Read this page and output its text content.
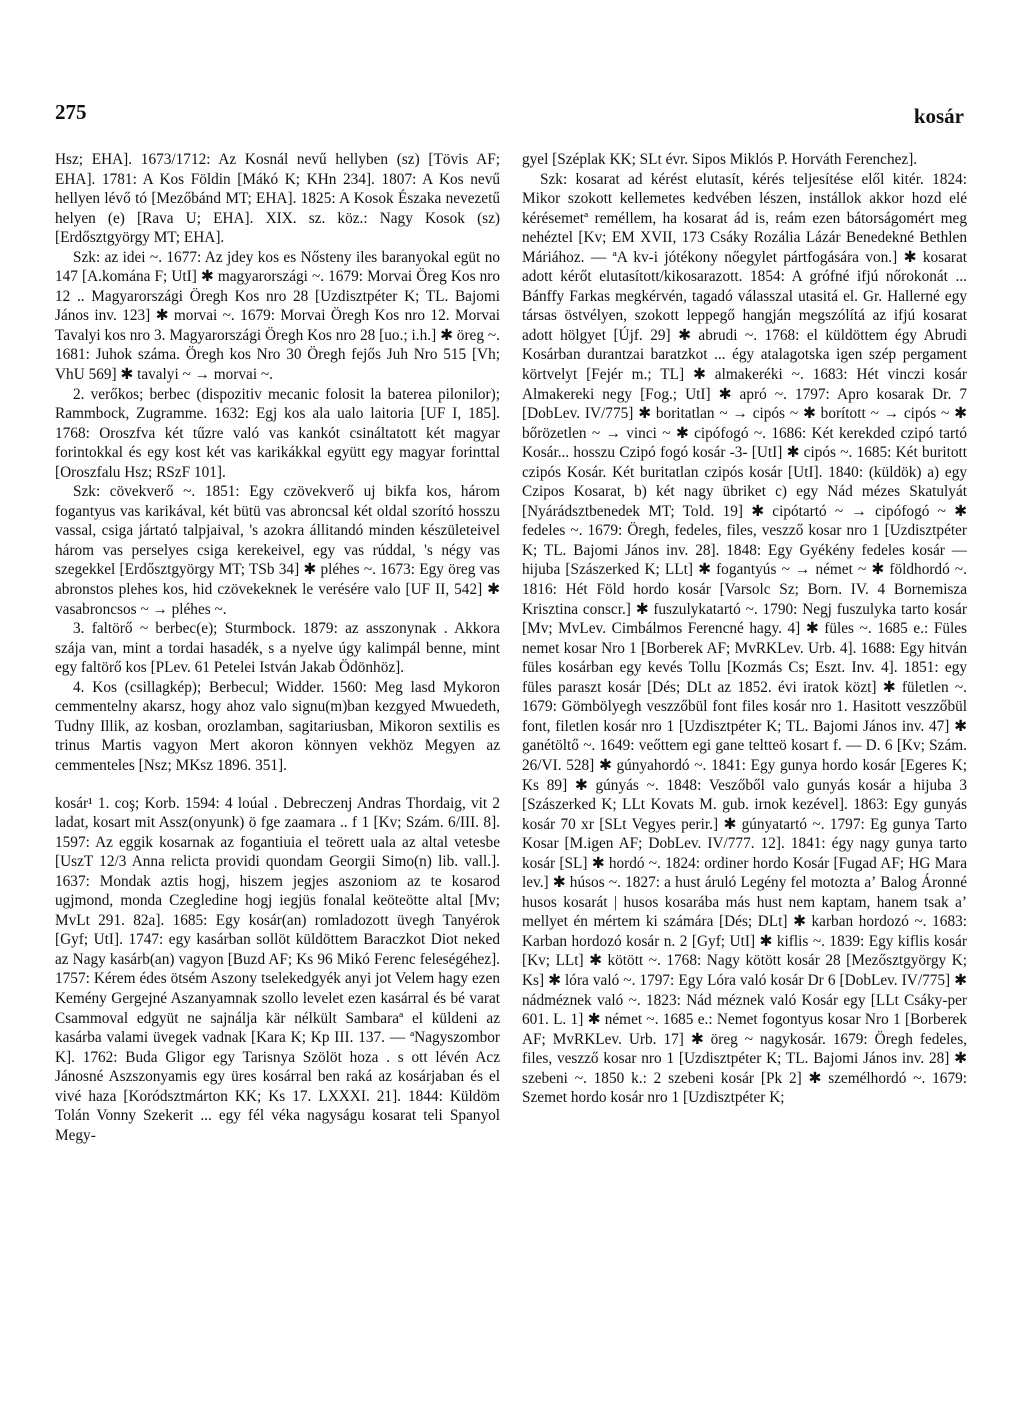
275	kosár

Hsz; EHA]. 1673/1712: Az Kosnál nevű hellyben (sz) [Tövis AF; EHA]. 1781: A Kos Földin [Mákó K; KHn 234]. 1807: A Kos nevű hellyen lévő tó [Mezőbánd MT; EHA]. 1825: A Kosok Északa nevezetű helyen (e) [Rava U; EHA]. XIX. sz. köz.: Nagy Kosok (sz) [Erdősztgyörgy MT; EHA].

Szk: az idei ~. 1677: Az jdey kos es Nősteny iles baranyokal egüt no 147 [A.komána F; UtI] ✱ magyarországi ~. 1679: Morvai Öreg Kos nro 12 .. Magyarországi Öregh Kos nro 28 [Uzdisztpéter K; TL. Bajomi János inv. 123] ✱ morvai ~. 1679: Morvai Öregh Kos nro 12. Morvai Tavalyi kos nro 3. Magyarországi Öregh Kos nro 28 [uo.; i.h.] ✱ öreg ~. 1681: Juhok száma. Öregh kos Nro 30 Öregh fejős Juh Nro 515 [Vh; VhU 569] ✱ tavalyi ~ → morvai ~.

2. verőkos; berbec (dispozitiv mecanic folosit la baterea pilonilor); Rammbock, Zugramme. 1632: Egj kos ala ualo laitoria [UF I, 185]. 1768: Oroszfva két tűzre való vas kankót csináltatott két magyar forintokkal és egy kost két vas karikákkal együtt egy magyar forinttal [Oroszfalu Hsz; RSzF 101].

Szk: cövekverő ~. 1851: Egy czövekverő uj bikfa kos, három fogantyus vas karikával, két bütü vas abroncsal két oldal szorító hosszu vassal, csiga jártató talpjaival, 's azokra állitandó minden készületeivel három vas perselyes csiga kerekeivel, egy vas rúddal, 's négy vas szegekkel [Erdősztgyörgy MT; TSb 34] ✱ pléhes ~. 1673: Egy öreg vas abronstos plehes kos, hid czövekeknek le verésére valo [UF II, 542] ✱ vasabroncsos ~ → pléhes ~.

3. faltörő ~ berbec(e); Sturmbock. 1879: az asszonynak . Akkora szája van, mint a tordai hasadék, s a nyelve úgy kalimpál benne, mint egy faltörő kos [PLev. 61 Petelei István Jakab Ödönhöz].

4. Kos (csillagkép); Berbecul; Widder. 1560: Meg lasd Mykoron cemmentelny akarsz, hogy ahoz valo signu(m)ban kezgyed Mwuedeth, Tudny Illik, az kosban, orozlamban, sagitariusban, Mikoron sextilis es trinus Martis vagyon Mert akoron könnyen vekhöz Megyen az cemmenteles [Nsz; MKsz 1896. 351].

kosár¹ 1. coş; Korb. 1594: 4 loúal . Debreczenj Andras Thordaig, vit 2 ladat, kosart mit Assz(onyunk) ö fge zaamara .. f 1 [Kv; Szám. 6/III. 8]. 1597: Az eggik kosarnak az fogantiuia el teörett uala az altal vetesbe [UszT 12/3 Anna relicta providi quondam Georgii Simo(n) lib. vall.]. 1637: Mondak aztis hogj, hiszem jegjes aszoniom az te kosarod ugjmond, monda Czegledine hogj iegjüs fonalal keöteötte altal [Mv; MvLt 291. 82a]. 1685: Egy kosár(an) romladozott üvegh Tanyérok [Gyf; UtI]. 1747: egy kasárban sollöt küldöttem Baraczkot Diot neked az Nagy kasárb(an) vagyon [Buzd AF; Ks 96 Mikó Ferenc feleségéhez]. 1757: Kérem édes ötsém Aszony tselekedgyék anyi jot Velem hagy ezen Kemény Gergejné Aszanyamnak szollo levelet ezen kasárral és bé varat Csammoval edgyüt ne sajnálja kär nélkült Sambaraª el küldeni az kasárba valami üvegek vadnak [Kara K; Kp III. 137. — ªNagyszombor K]. 1762: Buda Gligor egy Tarisnya Szölöt hoza . s ott lévén Acz Jánosné Aszszonyamis egy üres kosárral ben raká az kosárjaban és el vivé haza [Koródsztmárton KK; Ks 17. LXXXI. 21]. 1844: Küldöm Tolán Vonny Szekerit ... egy fél véka nagyságu kosarat teli Spanyol Megy-

gyel [Széplak KK; SLt évr. Sipos Miklós P. Horváth Ferenchez].

Szk: kosarat ad kérést elutasít, kérés teljesítése elől kitér. 1824: Mikor szokott kellemetes kedvében lészen, instállok akkor hozd elé kérésemetª reméllem, ha kosarat ád is, reám ezen bátorságomért meg nehéztel [Kv; EM XVII, 173 Csáky Rozália Lázár Benedekné Bethlen Máriához. — ªA kv-i jótékony nőegylet pártfogására von.] ✱ kosarat adott kérőt elutasított/kikosarazott. 1854: A grófné ifjú nőrokonát ... Bánffy Farkas megkérvén, tagadó válasszal utasitá el. Gr. Hallerné egy társas östvélyen, szokott leppegő hangján megszólítá az ifjú kosarat adott hölgyet [Újf. 29] ✱ abrudi ~. 1768: el küldöttem égy Abrudi Kosárban durantzai baratzkot ... égy atalagotska igen szép pergament körtvelyt [Fejér m.; TL] ✱ almakeréki ~. 1683: Hét vinczi kosár Almakereki negy [Fog.; UtI] ✱ apró ~. 1797: Apro kosarak Dr. 7 [DobLev. IV/775] ✱ boritatlan ~ → cipós ~ ✱ borított ~ → cipós ~ ✱ bőrözetlen ~ → vinci ~ ✱ cipófogó ~. 1686: Két kerekded czipó tartó Kosár... hosszu Czipó fogó kosár -3- [UtI] ✱ cipós ~. 1685: Két buritott czipós Kosár. Két buritatlan czipós kosár [UtI]. 1840: (küldök) a) egy Czipos Kosarat, b) két nagy übriket c) egy Nád mézes Skatulyát [Nyárádsztbenedek MT; Told. 19] ✱ cipótartó ~ → cipófogó ~ ✱ fedeles ~. 1679: Öregh, fedeles, files, veszző kosar nro 1 [Uzdisztpéter K; TL. Bajomi János inv. 28]. 1848: Egy Gyékény fedeles kosár — hijuba [Szászerked K; LLt] ✱ fogantyús ~ → német ~ ✱ földhordó ~. 1816: Hét Föld hordo kosár [Varsolc Sz; Born. IV. 4 Bornemisza Krisztina conscr.] ✱ fuszulykatartó ~. 1790: Negj fuszulyka tarto kosár [Mv; MvLev. Cimbálmos Ferencné hagy. 4] ✱ füles ~. 1685 e.: Füles nemet kosar Nro 1 [Borberek AF; MvRKLev. Urb. 4]. 1688: Egy hitván füles kosárban egy kevés Tollu [Kozmás Cs; Eszt. Inv. 4]. 1851: egy füles paraszt kosár [Dés; DLt az 1852. évi iratok közt] ✱ fületlen ~. 1679: Gömbölyegh veszzőbül font files kosár nro 1. Hasitott veszzőbül font, filetlen kosár nro 1 [Uzdisztpéter K; TL. Bajomi János inv. 47] ✱ ganétöltő ~. 1649: veőttem egi gane teltteö kosart f. — D. 6 [Kv; Szám. 26/VI. 528] ✱ gúnyahordó ~. 1841: Egy gunya hordo kosár [Egeres K; Ks 89] ✱ gúnyás ~. 1848: Veszőből valo gunyás kosár a hijuba 3 [Szászerked K; LLt Kovats M. gub. irnok kezével]. 1863: Egy gunyás kosár 70 xr [SLt Vegyes perir.] ✱ gúnyatartó ~. 1797: Eg gunya Tarto Kosar [M.igen AF; DobLev. IV/777. 12]. 1841: égy nagy gunya tarto kosár [SL] ✱ hordó ~. 1824: ordiner hordo Kosár [Fugad AF; HG Mara lev.] ✱ húsos ~. 1827: a hust áruló Legény fel motozta aʼ Balog Áronné husos kosarát | husos kosarába más hust nem kaptam, hanem tsak aʼ mellyet én mértem ki számára [Dés; DLt] ✱ karban hordozó ~. 1683: Karban hordozó kosár n. 2 [Gyf; UtI] ✱ kiflis ~. 1839: Egy kiflis kosár [Kv; LLt] ✱ kötött ~. 1768: Nagy kötött kosár 28 [Mezősztgyörgy K; Ks] ✱ lóra való ~. 1797: Egy Lóra való kosár Dr 6 [DobLev. IV/775] ✱ nádméznek való ~. 1823: Nád méznek való Kosár egy [LLt Csáky-per 601. L. 1] ✱ német ~. 1685 e.: Nemet fogontyus kosar Nro 1 [Borberek AF; MvRKLev. Urb. 17] ✱ öreg ~ nagykosár. 1679: Öregh fedeles, files, veszző kosar nro 1 [Uzdisztpéter K; TL. Bajomi János inv. 28] ✱ szebeni ~. 1850 k.: 2 szebeni kosár [Pk 2] ✱ személhordó ~. 1679: Szemet hordo kosár nro 1 [Uzdisztpéter K;
